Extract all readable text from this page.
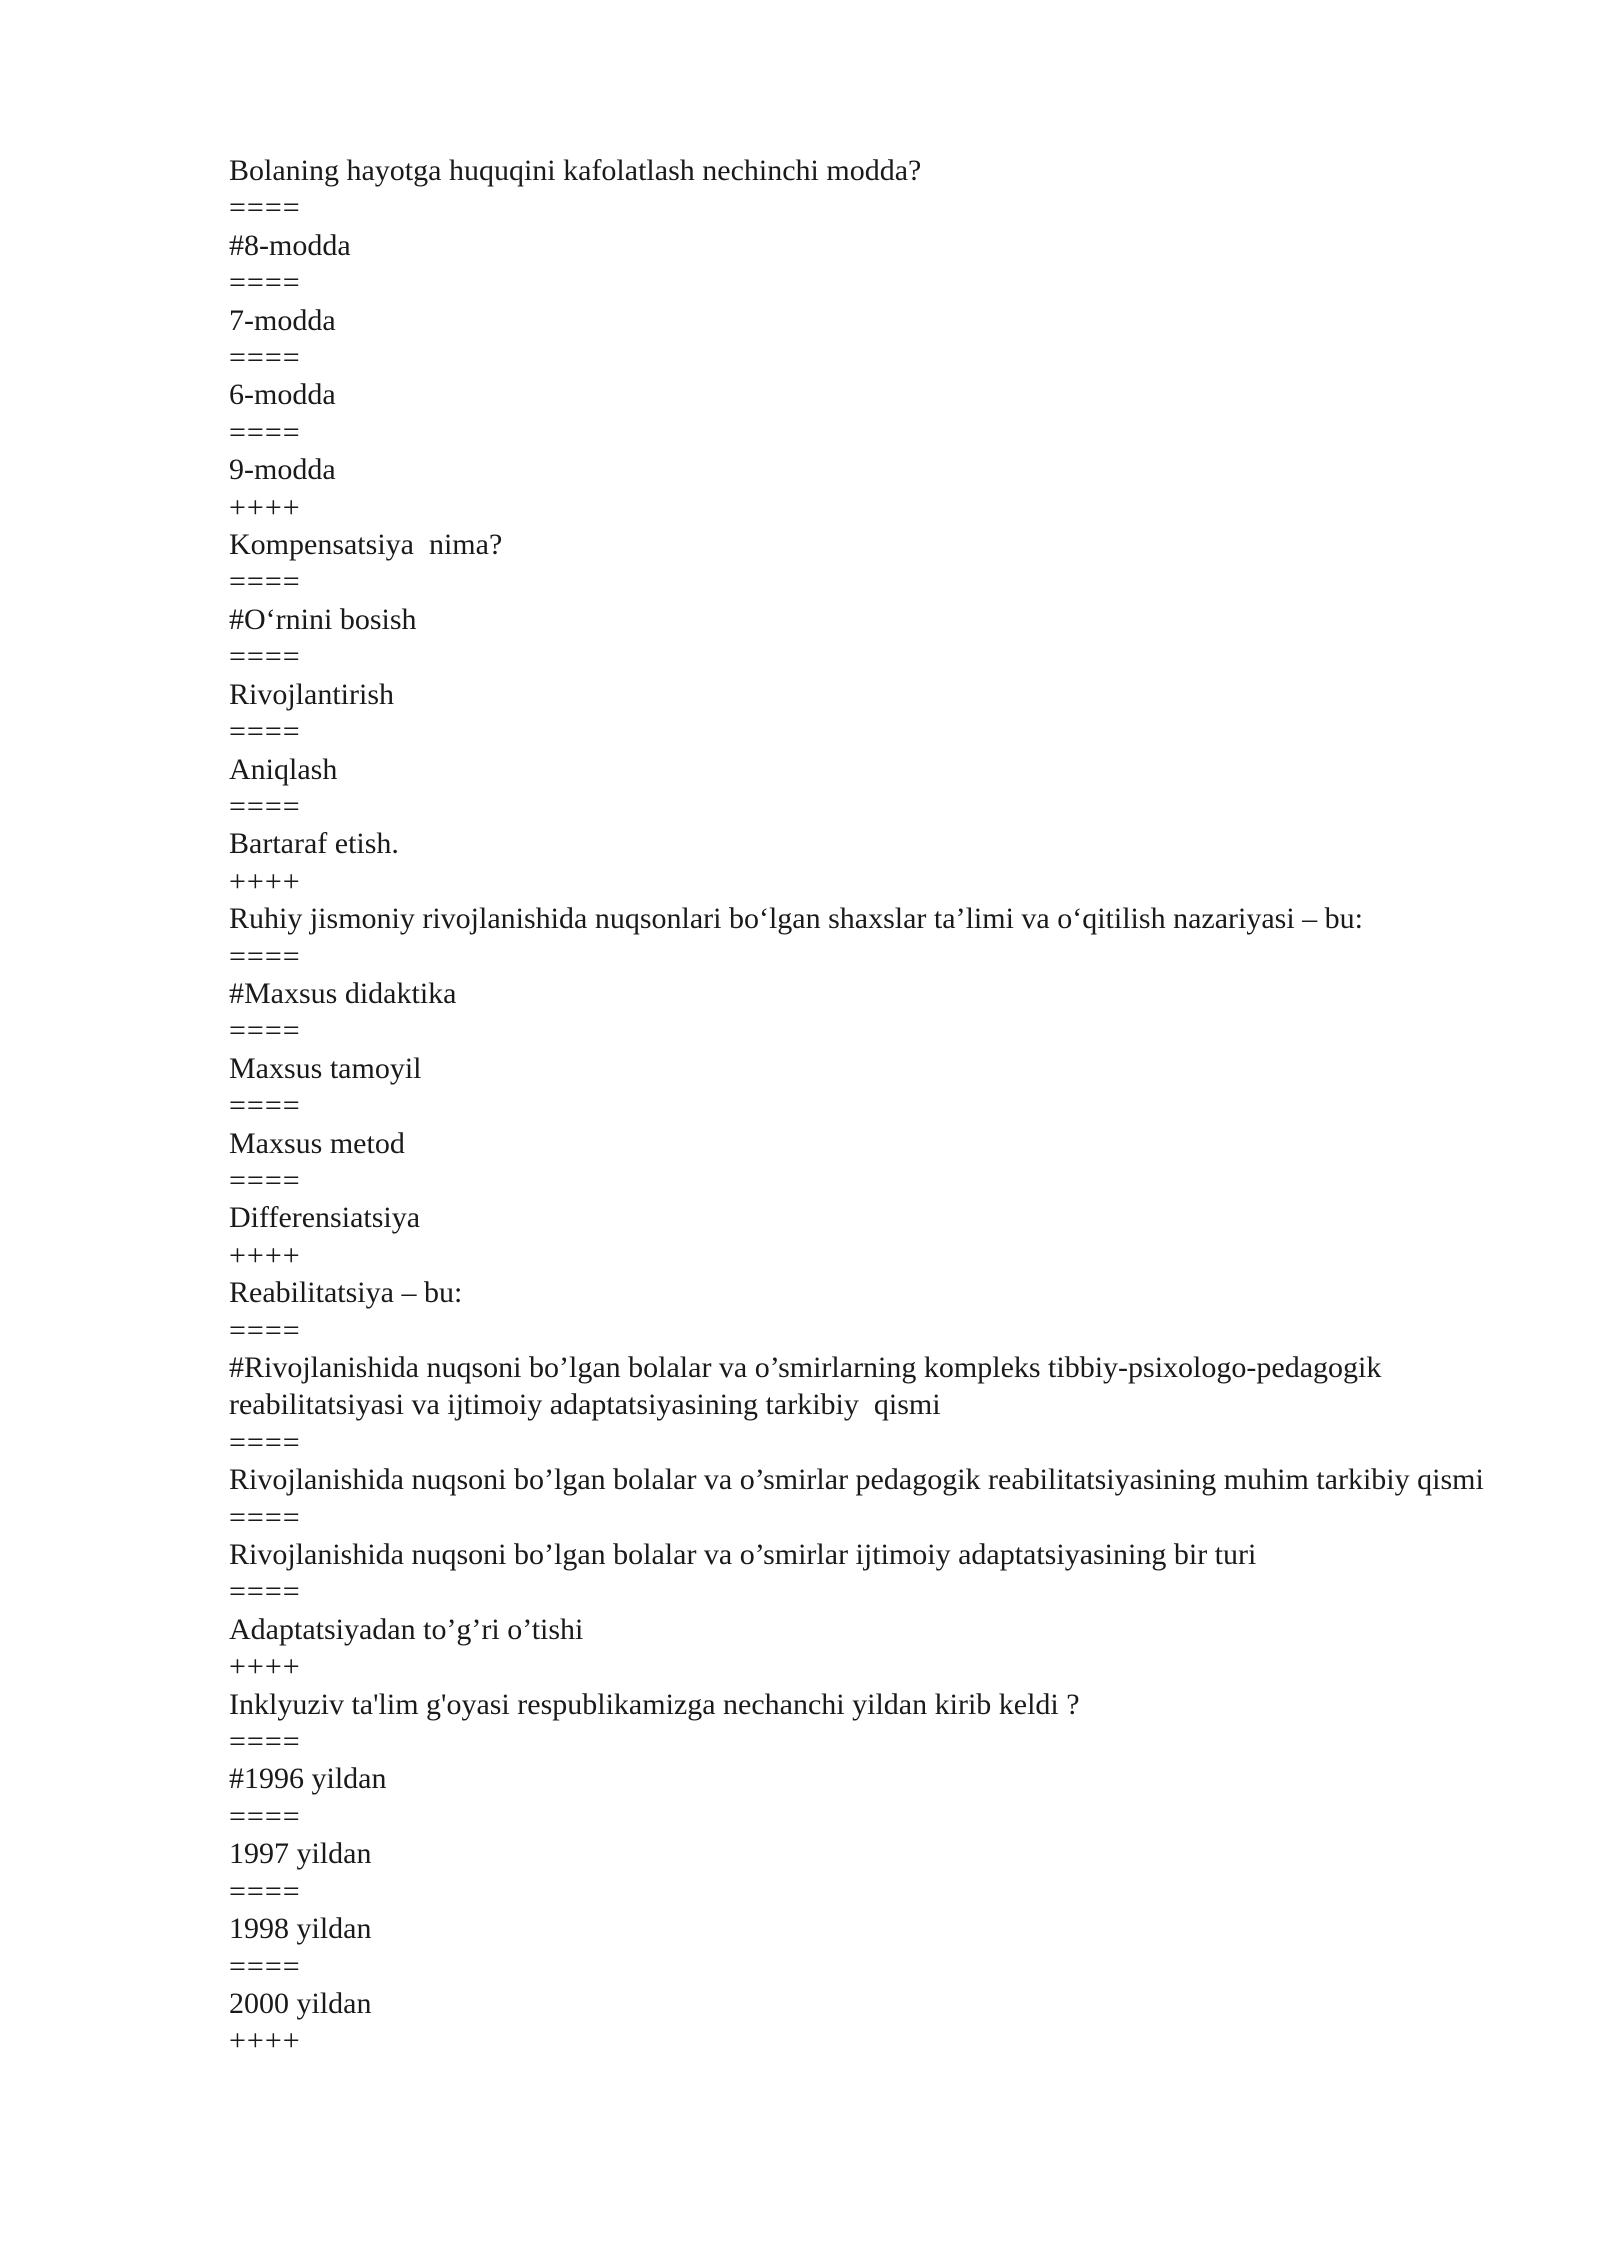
Bolaning hayotga huquqini kafolatlash nechinchi modda?

====

#8-modda

====

7-modda

====

6-modda

====

9-modda

++++

Kompensatsiya  nima?

====

#O‘rnini bosish

====

Rivojlantirish

====

Aniqlash

====

Bartaraf etish.

++++

Ruhiy jismoniy rivojlanishida nuqsonlari bo‘lgan shaxslar ta’limi va o‘qitilish nazariyasi – bu:

====

#Maxsus didaktika

====

Maxsus tamoyil

====

Maxsus metod

====

Differensiatsiya

++++

Reabilitatsiya – bu:

====

#Rivojlanishida nuqsoni bo’lgan bolalar va o’smirlarning kompleks tibbiy-psixologo-pedagogik reabilitatsiyasi va ijtimoiy adaptatsiyasining tarkibiy  qismi

====

Rivojlanishida nuqsoni bo’lgan bolalar va o’smirlar pedagogik reabilitatsiyasining muhim tarkibiy qismi

====

Rivojlanishida nuqsoni bo’lgan bolalar va o’smirlar ijtimoiy adaptatsiyasining bir turi

====

Adaptatsiyadan to’g’ri o’tishi

++++

Inklyuziv ta'lim g'oyasi respublikamizga nechanchi yildan kirib keldi ?

====

#1996 yildan

====

1997 yildan

====

1998 yildan

====

2000 yildan

++++
